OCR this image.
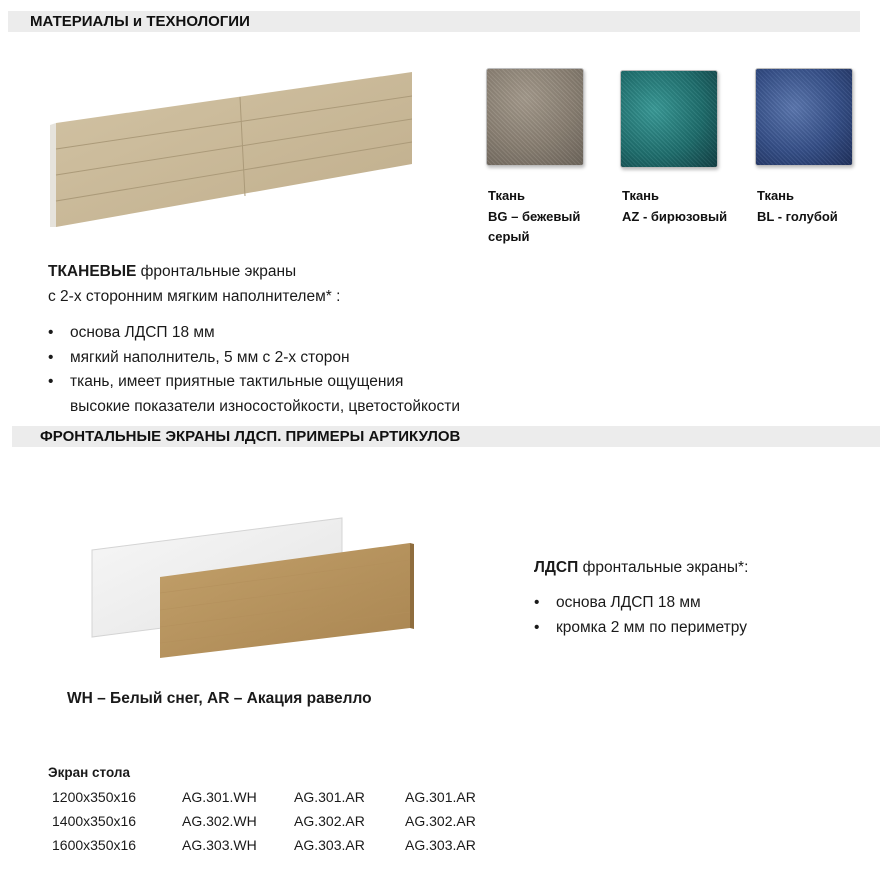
МАТЕРИАЛЫ и ТЕХНОЛОГИИ
Ткань
BG – бежевый
серый
Ткань
AZ - бирюзовый
Ткань
BL - голубой
ТКАНЕВЫЕ фронтальные экраны
с 2-х сторонним мягким наполнителем* :
• основа ЛДСП 18 мм
• мягкий наполнитель, 5 мм с 2-х сторон
• ткань, имеет приятные тактильные ощущения
высокие показатели износостойкости, цветостойкости
ФРОНТАЛЬНЫЕ ЭКРАНЫ ЛДСП. ПРИМЕРЫ АРТИКУЛОВ
ЛДСП фронтальные экраны*:
• основа ЛДСП 18 мм
• кромка 2 мм по периметру
WH – Белый снег, AR – Акация равелло
Экран стола
1200x350x16	AG.301.WH	AG.301.AR	AG.301.AR
1400x350x16	AG.302.WH	AG.302.AR	AG.302.AR
1600x350x16	AG.303.WH	AG.303.AR	AG.303.AR
